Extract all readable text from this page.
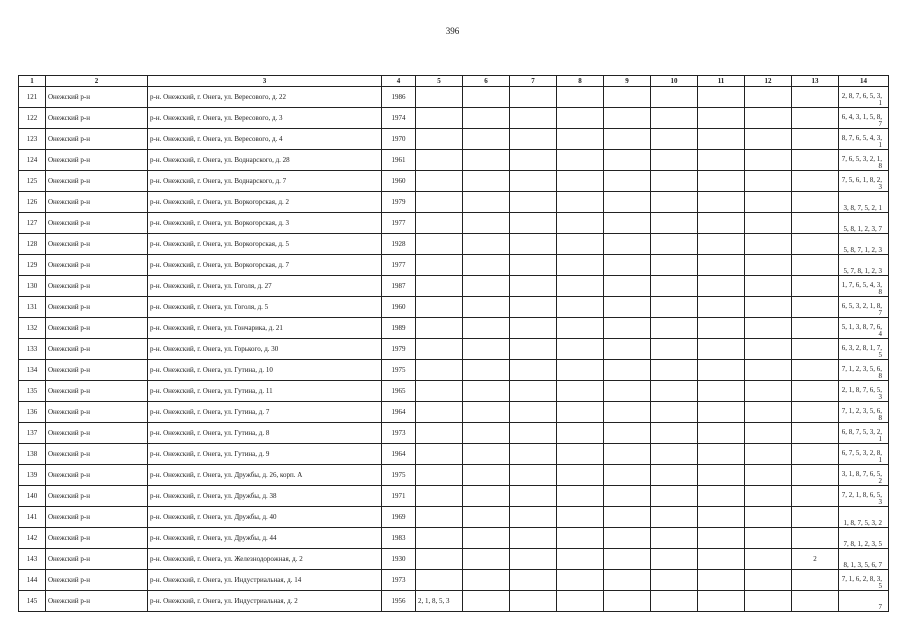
396
1	2	3	4	5	6	7	8	9	10	11	12	13	14
121	Онежский р-н	р-н. Онежский, г. Онега, ул. Вересового, д. 22	1986										2, 8, 7, 6, 5, 3, 1
122	Онежский р-н	р-н. Онежский, г. Онега, ул. Вересового, д. 3	1974										6, 4, 3, 1, 5, 8, 7
123	Онежский р-н	р-н. Онежский, г. Онега, ул. Вересового, д. 4	1970										8, 7, 6, 5, 4, 3, 1
124	Онежский р-н	р-н. Онежский, г. Онега, ул. Воднарского, д. 28	1961										7, 6, 5, 3, 2, 1, 8
125	Онежский р-н	р-н. Онежский, г. Онега, ул. Воднарского, д. 7	1960										7, 5, 6, 1, 8, 2, 3
126	Онежский р-н	р-н. Онежский, г. Онега, ул. Воркогорская, д. 2	1979										3, 8, 7, 5, 2, 1
127	Онежский р-н	р-н. Онежский, г. Онега, ул. Воркогорская, д. 3	1977										5, 8, 1, 2, 3, 7
128	Онежский р-н	р-н. Онежский, г. Онега, ул. Воркогорская, д. 5	1928										5, 8, 7, 1, 2, 3
129	Онежский р-н	р-н. Онежский, г. Онега, ул. Воркогорская, д. 7	1977										5, 7, 8, 1, 2, 3
130	Онежский р-н	р-н. Онежский, г. Онега, ул. Гоголя, д. 27	1987										1, 7, 6, 5, 4, 3, 8
131	Онежский р-н	р-н. Онежский, г. Онега, ул. Гоголя, д. 5	1960										6, 5, 3, 2, 1, 8, 7
132	Онежский р-н	р-н. Онежский, г. Онега, ул. Гончарика, д. 21	1989										5, 1, 3, 8, 7, 6, 4
133	Онежский р-н	р-н. Онежский, г. Онега, ул. Горького, д. 30	1979										6, 3, 2, 8, 1, 7, 5
134	Онежский р-н	р-н. Онежский, г. Онега, ул. Гутина, д. 10	1975										7, 1, 2, 3, 5, 6, 8
135	Онежский р-н	р-н. Онежский, г. Онега, ул. Гутина, д. 11	1965										2, 1, 8, 7, 6, 5, 3
136	Онежский р-н	р-н. Онежский, г. Онега, ул. Гутина, д. 7	1964										7, 1, 2, 3, 5, 6, 8
137	Онежский р-н	р-н. Онежский, г. Онега, ул. Гутина, д. 8	1973										6, 8, 7, 5, 3, 2, 1
138	Онежский р-н	р-н. Онежский, г. Онега, ул. Гутина, д. 9	1964										6, 7, 5, 3, 2, 8, 1
139	Онежский р-н	р-н. Онежский, г. Онега, ул. Дружбы, д. 26, корп. А	1975										3, 1, 8, 7, 6, 5, 2
140	Онежский р-н	р-н. Онежский, г. Онега, ул. Дружбы, д. 38	1971										7, 2, 1, 8, 6, 5, 3
141	Онежский р-н	р-н. Онежский, г. Онега, ул. Дружбы, д. 40	1969										1, 8, 7, 5, 3, 2
142	Онежский р-н	р-н. Онежский, г. Онега, ул. Дружбы, д. 44	1983										7, 8, 1, 2, 3, 5
143	Онежский р-н	р-н. Онежский, г. Онега, ул. Железнодорожная, д. 2	1930									2	8, 1, 3, 5, 6, 7
144	Онежский р-н	р-н. Онежский, г. Онега, ул. Индустриальная, д. 14	1973										7, 1, 6, 2, 8, 3, 5
145	Онежский р-н	р-н. Онежский, г. Онега, ул. Индустриальная, д. 2	1956	2, 1, 8, 5, 3									7
